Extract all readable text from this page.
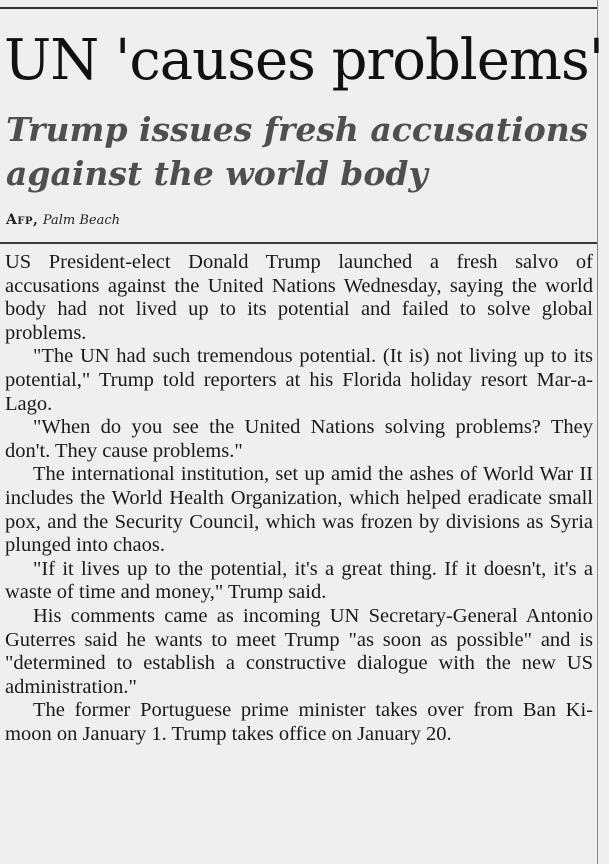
UN 'causes problems'
Trump issues fresh accusations against the world body
Afp, Palm Beach

US President-elect Donald Trump launched a fresh salvo of accusations against the United Nations Wednesday, saying the world body had not lived up to its potential and failed to solve global problems.

"The UN had such tremendous potential. (It is) not living up to its potential," Trump told reporters at his Florida holiday resort Mar-a-Lago.

"When do you see the United Nations solving problems? They don't. They cause problems."

The international institution, set up amid the ashes of World War II includes the World Health Organization, which helped eradicate small pox, and the Security Council, which was frozen by divisions as Syria plunged into chaos.

"If it lives up to the potential, it's a great thing. If it doesn't, it's a waste of time and money," Trump said.

His comments came as incoming UN Secretary-General Antonio Guterres said he wants to meet Trump "as soon as possible" and is "determined to establish a constructive dialogue with the new US administration."

The former Portuguese prime minister takes over from Ban Ki-moon on January 1. Trump takes office on January 20.
